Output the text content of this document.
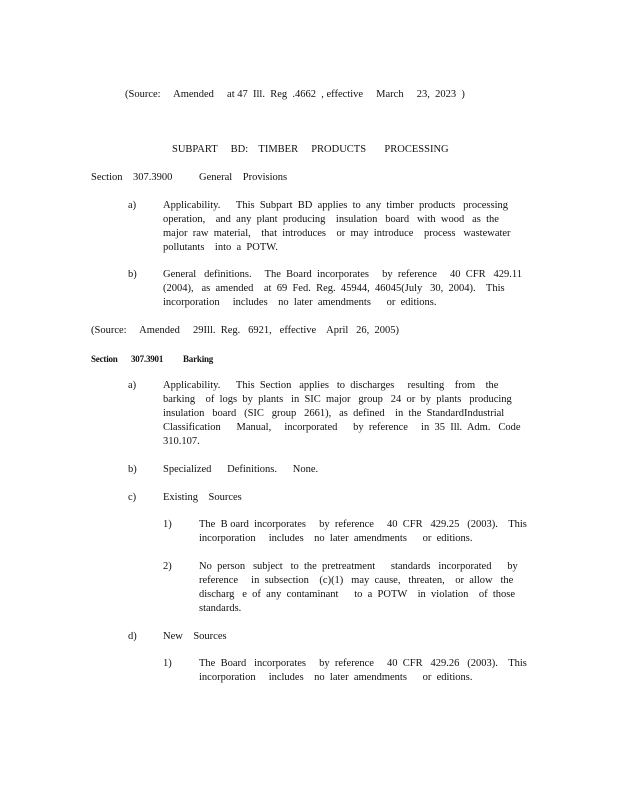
(Source:     Amended     at 47  Ill.  Reg  .4662  , effective     March     23,  2023  )
SUBPART     BD:    TIMBER     PRODUCTS       PROCESSING
Section    307.3900	General    Provisions
a)	Applicability.      This  Subpart  BD  applies  to  any  timber  products   processing
operation,    and  any  plant  producing    insulation   board   with  wood   as  the
major  raw  material,    that  introduces    or  may  introduce    process   wastewater
pollutants    into  a  POTW.
b)	General   definitions.     The  Board  incorporates     by  reference     40  CFR   429.11
(2004),   as  amended    at  69  Fed.  Reg.  45944,  46045(July   30,  2004).    This
incorporation     includes    no  later  amendments      or  editions.
(Source:     Amended     29Ill.  Reg.   6921,   effective    April   26,  2005)
Section 307.3901 Barking
a)	Applicability.      This  Section   applies   to  discharges     resulting    from    the
barking    of  logs  by  plants   in  SIC  major   group   24  or  by  plants   producing
insulation   board   (SIC   group   2661),   as  defined    in  the  StandardIndustrial
Classification      Manual,     incorporated      by  reference     in  35  Ill.  Adm.   Code
310.107.
b)	Specialized      Definitions.      None.
c)	Existing    Sources
1)	The  B oard  incorporates     by  reference     40  CFR   429.25   (2003).    This
incorporation     includes    no  later  amendments      or  editions.
2)	No  person   subject   to  the  pretreatment      standards   incorporated      by
reference     in  subsection    (c)(1)   may  cause,   threaten,    or  allow   the
discharg   e  of  any  contaminant      to  a  POTW    in  violation    of  those
standards.
d)	New    Sources
1)	The  Board   incorporates     by  reference     40  CFR   429.26   (2003).    This
incorporation     includes    no  later  amendments      or  editions.
